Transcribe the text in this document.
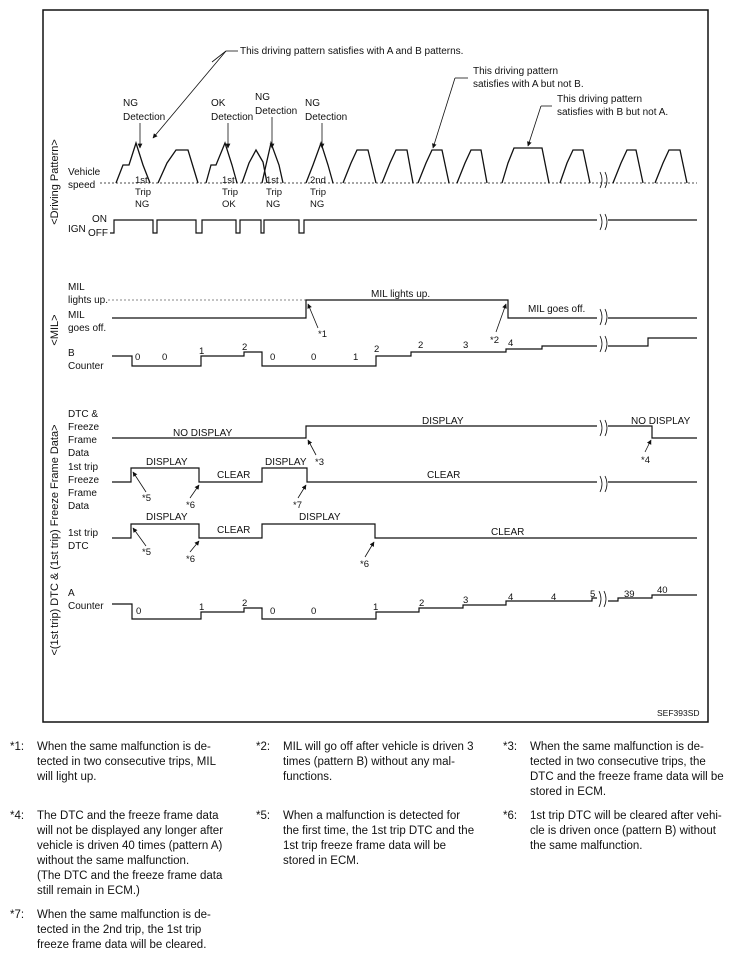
<Driving Pattern>
<MIL>
<(1st trip) DTC & (1st trip) Freeze Frame Data>
This driving pattern satisfies with A and B patterns.
This driving pattern
satisfies with A but not B.
This driving pattern
satisfies with B but not A.
NG
Detection
OK
Detection
NG
Detection
NG
Detection
Vehicle
speed	1st
Trip
NG
1st
Trip
OK
1st
Trip
NG
2nd
Trip
NG
IGN
ON
OFF
MIL
lights up.
MIL
goes off.
MIL lights up.
MIL goes off.
*1
*2
B
Counter
0 0
1	2
0	0	1
2	2	3	4
DTC &
Freeze
Frame
Data
NO DISPLAY
DISPLAY	NO DISPLAY
*3	*4
1st trip
Freeze
Frame
Data
DISPLAY
CLEAR
DISPLAY
CLEAR
*5
*6	*7
1st trip
DTC
DISPLAY
CLEAR
DISPLAY
CLEAR
*5
*6	*6
A
Counter	0	1	2
0	0	1	2	3	4	4	5	39 40
SEF393SD
*1: When the same malfunction is de-
tected in two consecutive trips, MIL
will light up.
*2: MIL will go off after vehicle is driven 3
times (pattern B) without any mal-
functions.
*3: When the same malfunction is de-
tected in two consecutive trips, the
DTC and the freeze frame data will be
stored in ECM.
*4: The DTC and the freeze frame data
will not be displayed any longer after
vehicle is driven 40 times (pattern A)
without the same malfunction.
(The DTC and the freeze frame data
still remain in ECM.)
*5: When a malfunction is detected for
the first time, the 1st trip DTC and the
1st trip freeze frame data will be
stored in ECM.
*6: 1st trip DTC will be cleared after vehi-
cle is driven once (pattern B) without
the same malfunction.
*7: When the same malfunction is de-
tected in the 2nd trip, the 1st trip
freeze frame data will be cleared.
